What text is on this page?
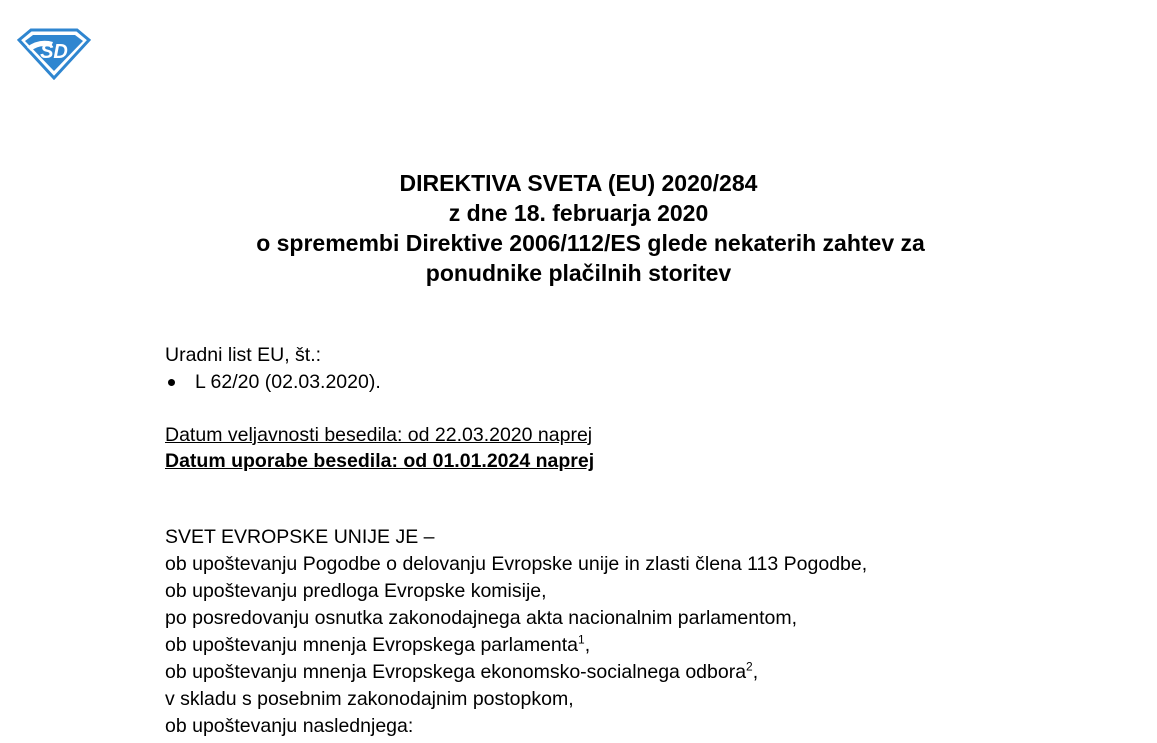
SD

DIREKTIVA SVETA (EU) 2020/284

z dne 18. februarja 2020

o spremembi Direktive 2006/112/ES glede nekaterih zahtev za

ponudnike plačilnih storitev

Uradni list EU, št.:
L 62/20 (02.03.2020).
Datum veljavnosti besedila: od 22.03.2020 naprej
Datum uporabe besedila: od 01.01.2024 naprej
SVET EVROPSKE UNIJE JE –
ob upoštevanju Pogodbe o delovanju Evropske unije in zlasti člena 113 Pogodbe,
ob upoštevanju predloga Evropske komisije,
po posredovanju osnutka zakonodajnega akta nacionalnim parlamentom,
ob upoštevanju mnenja Evropskega parlamenta$^1$,
ob upoštevanju mnenja Evropskega ekonomsko-socialnega odbora$^2$,
v skladu s posebnim zakonodajnim postopkom,
ob upoštevanju naslednjega:
